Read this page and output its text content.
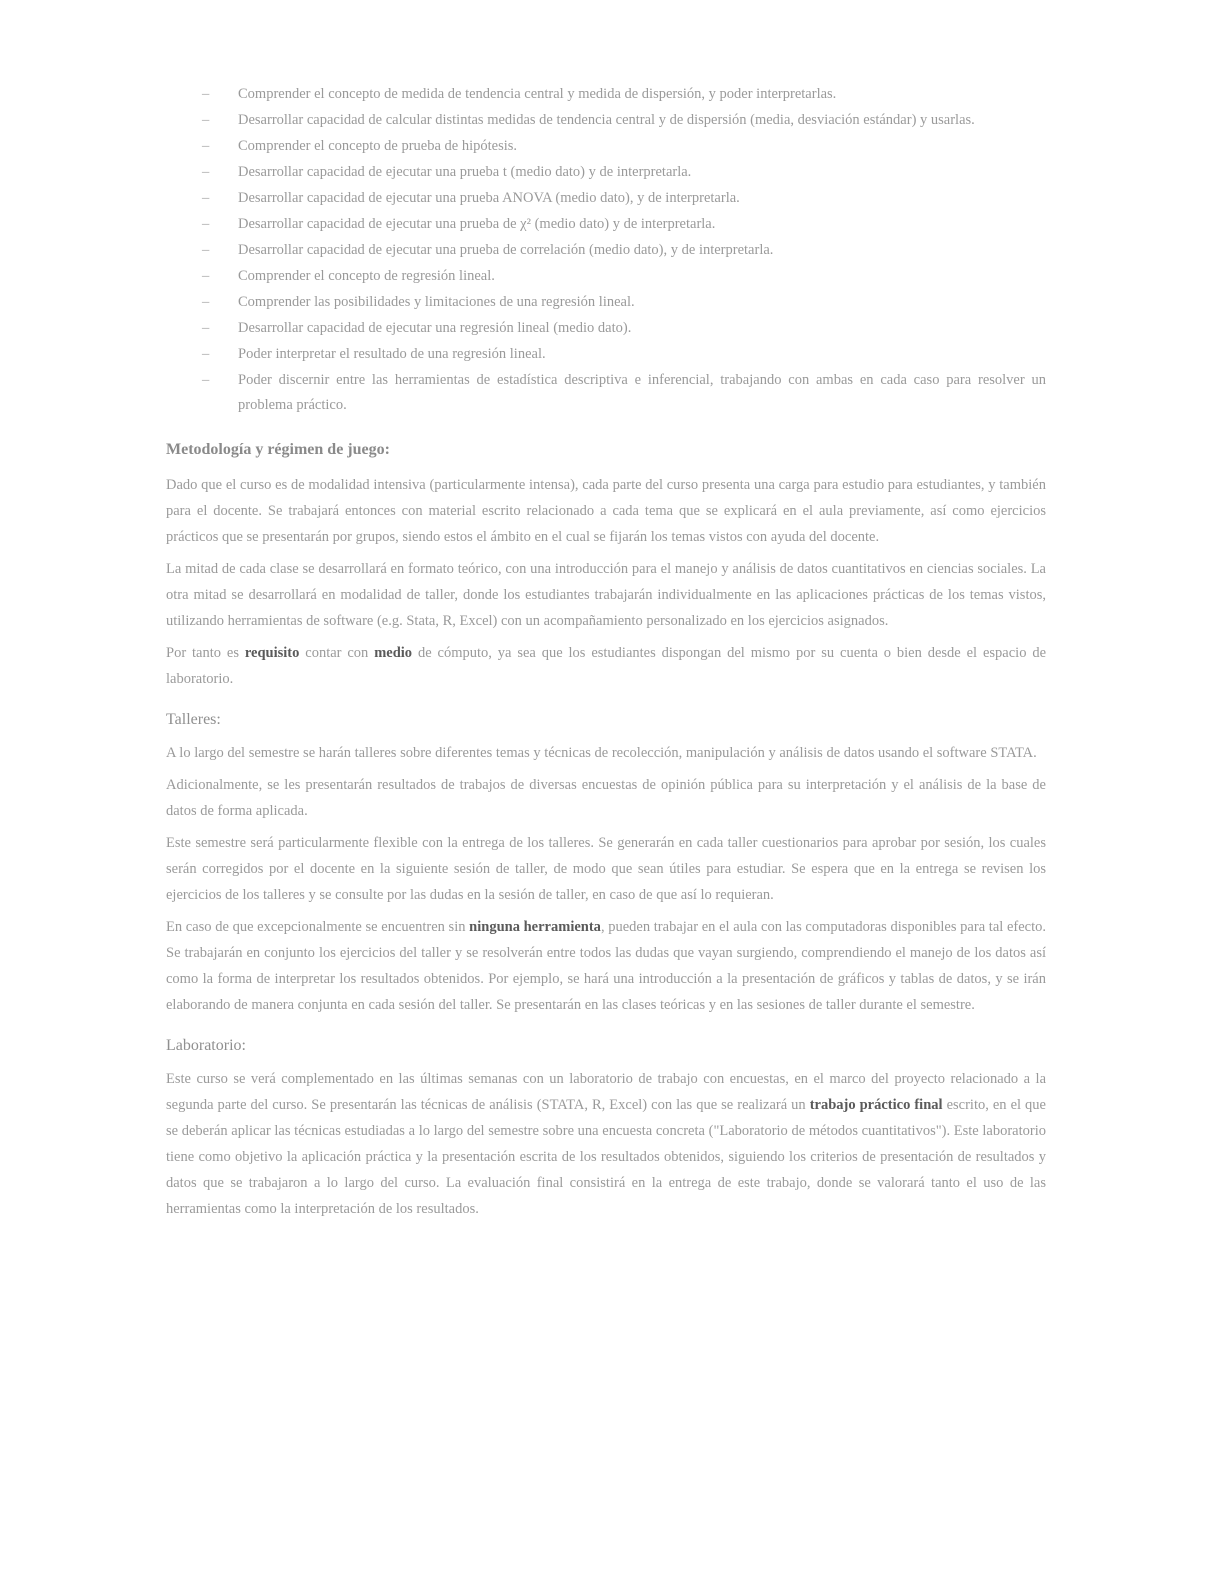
–	Comprender el concepto de medida de tendencia central y medida de dispersión, y poder interpretarlas.
–	Desarrollar capacidad de calcular distintas medidas de tendencia central y de dispersión (media, desviación estándar) y usarlas.
–	Comprender el concepto de prueba de hipótesis.
–	Desarrollar capacidad de ejecutar una prueba t (medio dato) y de interpretarla.
–	Desarrollar capacidad de ejecutar una prueba ANOVA (medio dato), y de interpretarla.
–	Desarrollar capacidad de ejecutar una prueba de χ² (medio dato) y de interpretarla.
–	Desarrollar capacidad de ejecutar una prueba de correlación (medio dato), y de interpretarla.
–	Comprender el concepto de regresión lineal.
–	Comprender las posibilidades y limitaciones de una regresión lineal.
–	Desarrollar capacidad de ejecutar una regresión lineal (medio dato).
–	Poder interpretar el resultado de una regresión lineal.
–	Poder discernir entre las herramientas de estadística descriptiva e inferencial, trabajando con ambas en cada caso para resolver un problema práctico.
Metodología y régimen de juego:

Dado que el curso es de modalidad intensiva (particularmente intensa), cada parte del curso presenta una carga para estudio para estudiantes, y también para el docente. Se trabajará entonces con material escrito relacionado a cada tema que se explicará en el aula previamente, así como ejercicios prácticos que se presentarán por grupos, siendo estos el ámbito en el cual se fijarán los temas vistos con ayuda del docente.

La mitad de cada clase se desarrollará en formato teórico, con una introducción para el manejo y análisis de datos cuantitativos en ciencias sociales. La otra mitad se desarrollará en modalidad de taller, donde los estudiantes trabajarán individualmente en las aplicaciones prácticas de los temas vistos, utilizando herramientas de software (e.g. Stata, R, Excel) con un acompañamiento personalizado en los ejercicios asignados.

Por tanto es requisito contar con medio de cómputo, ya sea que los estudiantes dispongan del mismo por su cuenta o bien desde el espacio de laboratorio.

Talleres:

A lo largo del semestre se harán talleres sobre diferentes temas y técnicas de recolección, manipulación y análisis de datos usando el software STATA.

Adicionalmente, se les presentarán resultados de trabajos de diversas encuestas de opinión pública para su interpretación y el análisis de la base de datos de forma aplicada.

Este semestre será particularmente flexible con la entrega de los talleres. Se generarán en cada taller cuestionarios para aprobar por sesión, los cuales serán corregidos por el docente en la siguiente sesión de taller, de modo que sean útiles para estudiar. Se espera que en la entrega se revisen los ejercicios de los talleres y se consulte por las dudas en la sesión de taller, en caso de que así lo requieran.

En caso de que excepcionalmente se encuentren sin ninguna herramienta, pueden trabajar en el aula con las computadoras disponibles para tal efecto. Se trabajarán en conjunto los ejercicios del taller y se resolverán entre todos las dudas que vayan surgiendo, comprendiendo el manejo de los datos así como la forma de interpretar los resultados obtenidos. Por ejemplo, se hará una introducción a la presentación de gráficos y tablas de datos, y se irán elaborando de manera conjunta en cada sesión del taller. Se presentarán en las clases teóricas y en las sesiones de taller durante el semestre.

Laboratorio:

Este curso se verá complementado en las últimas semanas con un laboratorio de trabajo con encuestas, en el marco del proyecto relacionado a la segunda parte del curso. Se presentarán las técnicas de análisis (STATA, R, Excel) con las que se realizará un trabajo práctico final escrito, en el que se deberán aplicar las técnicas estudiadas a lo largo del semestre sobre una encuesta concreta ("Laboratorio de métodos cuantitativos"). Este laboratorio tiene como objetivo la aplicación práctica y la presentación escrita de los resultados obtenidos, siguiendo los criterios de presentación de resultados y datos que se trabajaron a lo largo del curso. La evaluación final consistirá en la entrega de este trabajo, donde se valorará tanto el uso de las herramientas como la interpretación de los resultados.
